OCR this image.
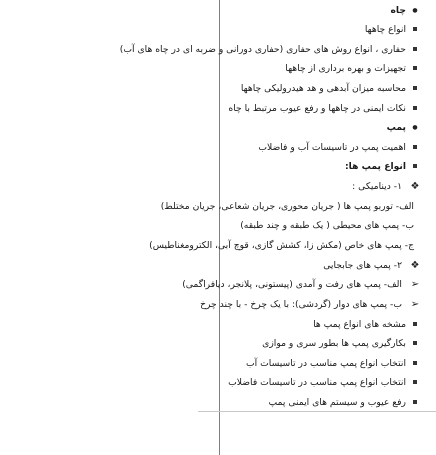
●
چاه
انواع چاهها
حفاری ، انواع روش های حفاری (حفاری دورانی و ضربه ای در چاه های آب)
تجهیزات و بهره برداری از چاهها
محاسبه میزان آبدهی و هد هیدرولیکی چاهها
نکات ایمنی در چاهها و رفع عیوب مرتبط با چاه
●
پمپ
اهمیت پمپ در تاسیسات آب و فاضلاب
انواع پمپ ها:
❖
۱- دینامیکی :
الف- توربو پمپ ها ( جریان محوری، جریان شعاعی، جریان مختلط)
ب- پمپ های محیطی ( یک طبقه و چند طبقه)
ج- پمپ های خاص (مکش زا، کشش گازی، قوچ آبی، الکترومغناطیس)
❖
۲- پمپ های جابجایی
➢
الف- پمپ های رفت و آمدی (پیستونی، پلانجر، دیافراگمی)
➢
ب- پمپ های دوار (گردشی): با یک چرخ - با چند چرخ
مشخه های انواع پمپ ها
بکارگیری پمپ ها بطور سری و موازی
انتخاب انواع پمپ مناسب در تاسیسات آب
انتخاب انواع پمپ مناسب در تاسیسات فاضلاب
رفع عیوب و سیستم های ایمنی پمپ
